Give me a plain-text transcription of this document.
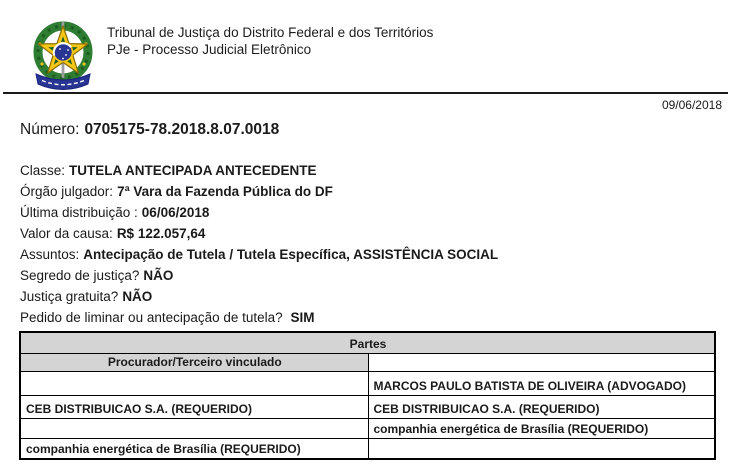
Tribunal de Justiça do Distrito Federal e dos Territórios
PJe - Processo Judicial Eletrônico
09/06/2018
Número: 0705175-78.2018.8.07.0018
Classe: TUTELA ANTECIPADA ANTECEDENTE
Órgão julgador: 7ª Vara da Fazenda Pública do DF
Última distribuição : 06/06/2018
Valor da causa: R$ 122.057,64
Assuntos: Antecipação de Tutela / Tutela Específica, ASSISTÊNCIA SOCIAL
Segredo de justiça? NÃO
Justiça gratuita? NÃO
Pedido de liminar ou antecipação de tutela? SIM
Partes	
Procurador/Terceiro vinculado	
	MARCOS PAULO BATISTA DE OLIVEIRA (ADVOGADO)
CEB DISTRIBUICAO S.A. (REQUERIDO)	CEB DISTRIBUICAO S.A. (REQUERIDO)
	companhia energética de Brasília (REQUERIDO)
companhia energética de Brasília (REQUERIDO)	
